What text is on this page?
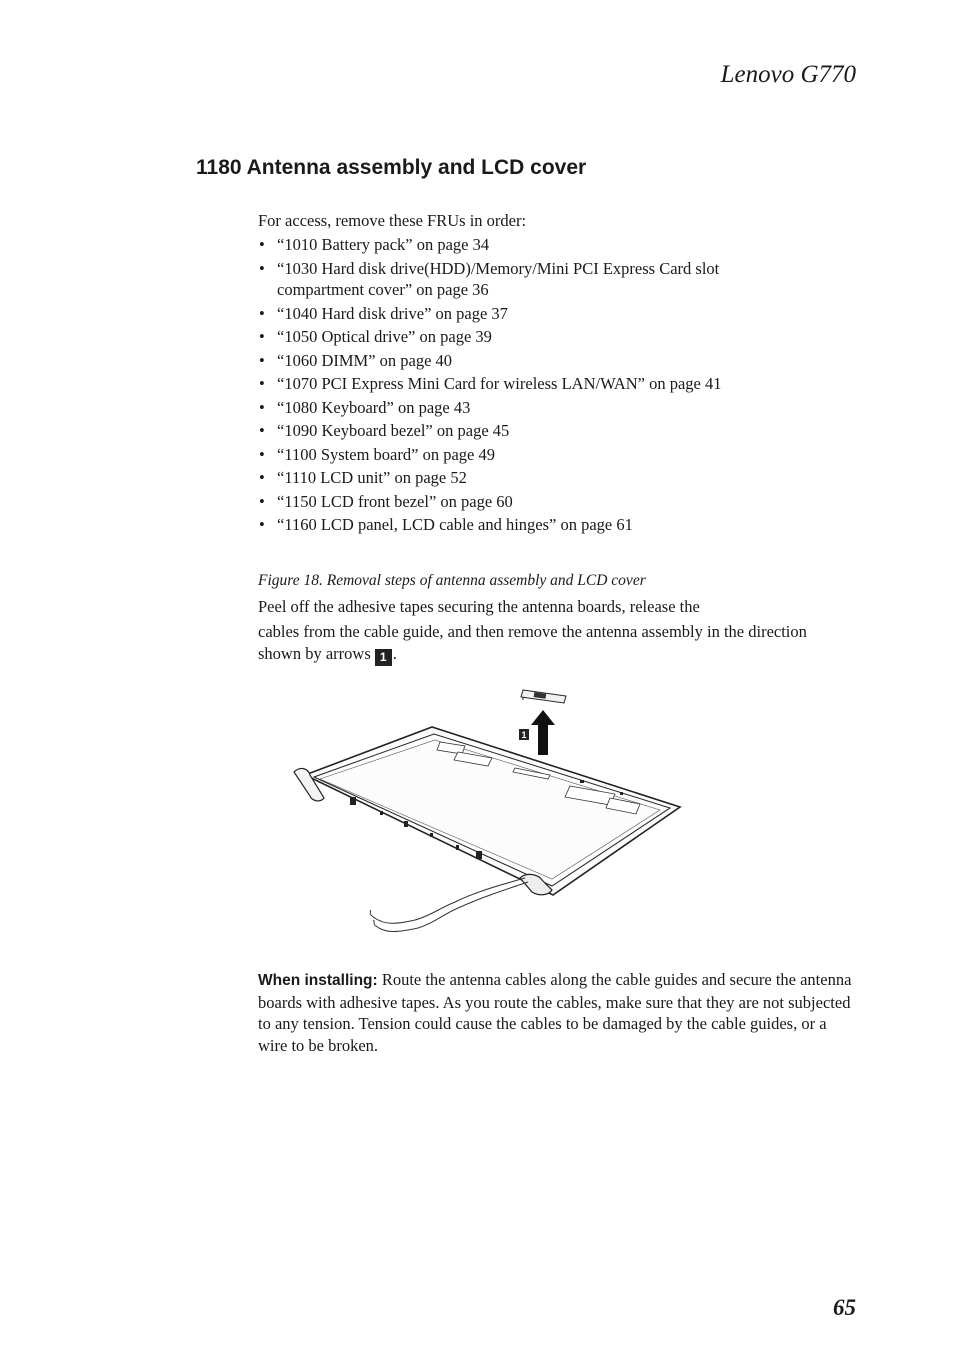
Lenovo G770
1180 Antenna assembly and LCD cover
For access, remove these FRUs in order:
• “1010 Battery pack” on page 34
• “1030 Hard disk drive(HDD)/Memory/Mini PCI Express Card slot
compartment cover” on page 36
• “1040 Hard disk drive” on page 37
• “1050 Optical drive” on page 39
• “1060 DIMM” on page 40
• “1070 PCI Express Mini Card for wireless LAN/WAN” on page 41
• “1080 Keyboard” on page 43
• “1090 Keyboard bezel” on page 45
• “1100 System board” on page 49
• “1110 LCD unit” on page 52
• “1150 LCD front bezel” on page 60
• “1160 LCD panel, LCD cable and hinges” on page 61
Figure 18. Removal steps of antenna assembly and LCD cover
Peel off the adhesive tapes securing the antenna boards, release the
cables from the cable guide, and then remove the antenna assembly in the direction shown by arrows 1 .
1
When installing: Route the antenna cables along the cable guides and secure the antenna boards with adhesive tapes. As you route the cables, make sure that they are not subjected to any tension. Tension could cause the cables to be damaged by the cable guides, or a wire to be broken.
65
